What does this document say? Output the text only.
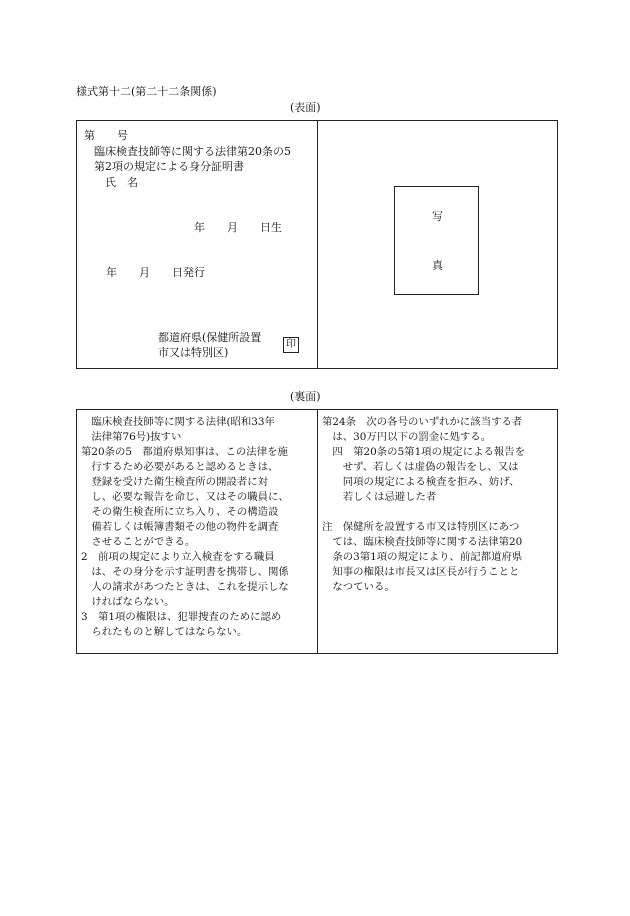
様式第十二(第二十二条関係)
(表面)
第　　号
臨床検査技師等に関する法律第20条の5
第2項の規定による身分証明書
氏　名
年　　月　　日生
年　　月　　日発行
都道府県(保健所設置
市又は特別区)
印
写
真
(裏面)
　臨床検査技師等に関する法律(昭和33年
　法律第76号)抜すい
第20条の5　都道府県知事は、この法律を施
　行するため必要があると認めるときは、
　登録を受けた衛生検査所の開設者に対
　し、必要な報告を命じ、又はその職員に、
　その衛生検査所に立ち入り、その構造設
　備若しくは帳簿書類その他の物件を調査
　させることができる。
2　前項の規定により立入検査をする職員
　は、その身分を示す証明書を携帯し、関係
　人の請求があつたときは、これを提示しな
　ければならない。
3　第1項の権限は、犯罪捜査のために認め
　られたものと解してはならない。
第24条　次の各号のいずれかに該当する者
　は、30万円以下の罰金に処する。
　四　第20条の5第1項の規定による報告を
　　せず、若しくは虚偽の報告をし、又は
　　同項の規定による検査を拒み、妨げ、
　　若しくは忌避した者
注　保健所を設置する市又は特別区にあつ
　ては、臨床検査技師等に関する法律第20
　条の3第1項の規定により、前記都道府県
　知事の権限は市長又は区長が行うことと
　なつている。
